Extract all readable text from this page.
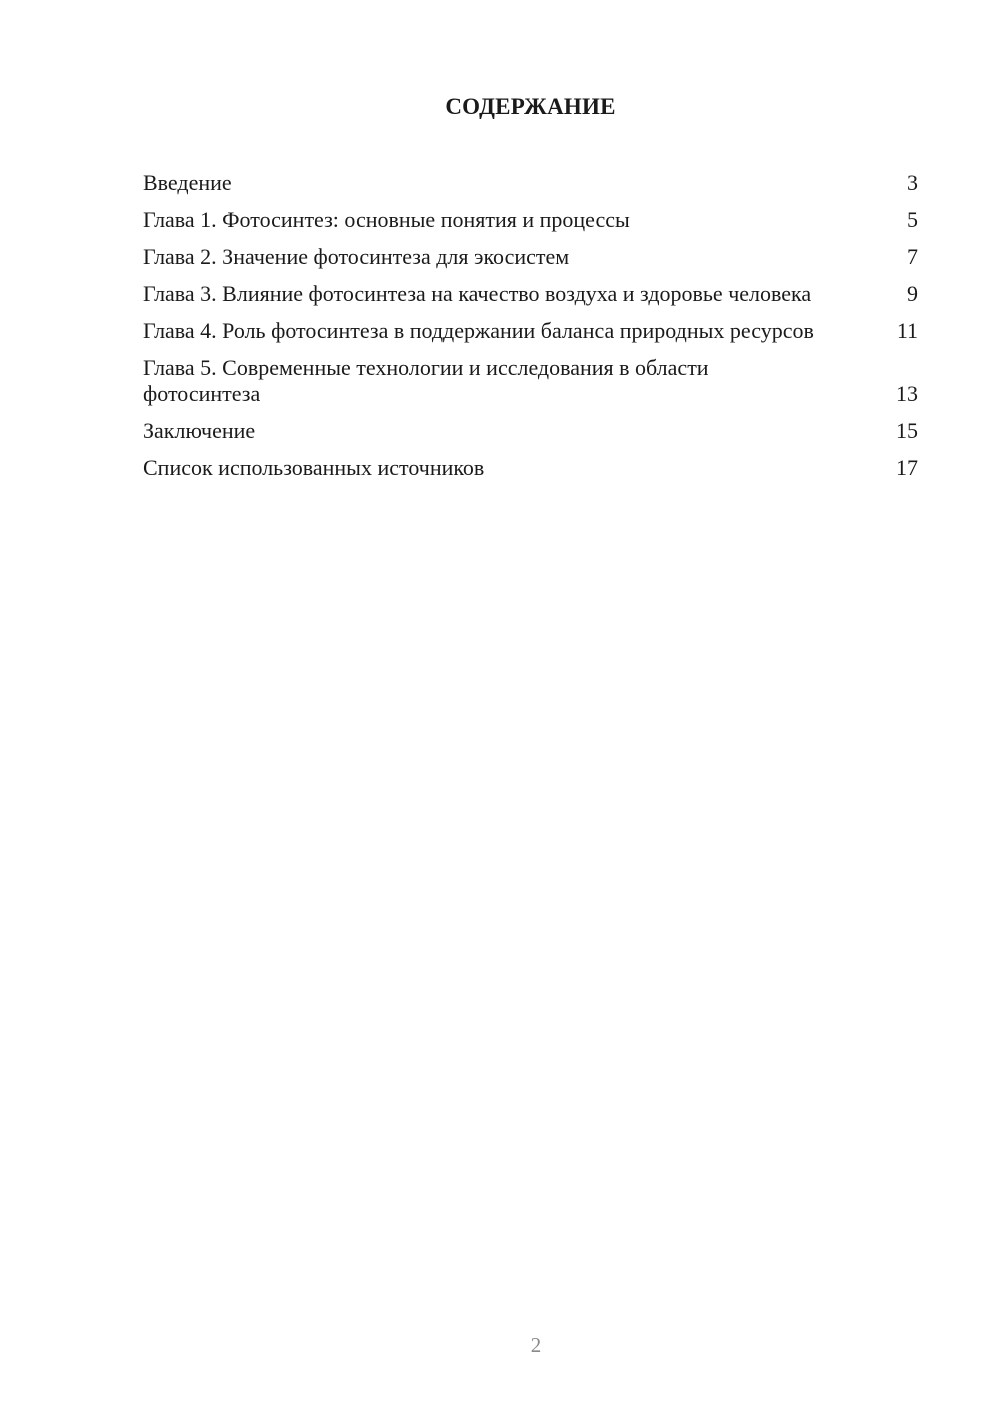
СОДЕРЖАНИЕ
Введение	3
Глава 1. Фотосинтез: основные понятия и процессы	5
Глава 2. Значение фотосинтеза для экосистем	7
Глава 3. Влияние фотосинтеза на качество воздуха и здоровье человека	9
Глава 4. Роль фотосинтеза в поддержании баланса природных ресурсов	11
Глава 5. Современные технологии и исследования в области фотосинтеза	13
Заключение	15
Список использованных источников	17
2
